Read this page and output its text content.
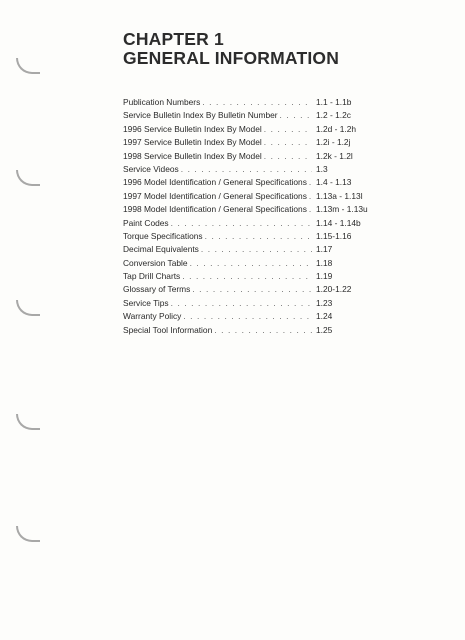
CHAPTER 1
GENERAL INFORMATION
Publication Numbers . . .	1.1 - 1.1b
Service Bulletin Index By Bulletin Number . . .	1.2 - 1.2c
1996 Service Bulletin Index By Model . . .	1.2d - 1.2h
1997 Service Bulletin Index By Model . . .	1.2i - 1.2j
1998 Service Bulletin Index By Model . . .	1.2k - 1.2l
Service Videos . . .	1.3
1996 Model Identification / General Specifications . . .	1.4 - 1.13
1997 Model Identification / General Specifications . . .	1.13a - 1.13l
1998 Model Identification / General Specifications . . .	1.13m - 1.13u
Paint Codes . . .	1.14 - 1.14b
Torque Specifications . . .	1.15-1.16
Decimal Equivalents . . .	1.17
Conversion Table . . .	1.18
Tap Drill Charts . . .	1.19
Glossary of Terms . . .	1.20-1.22
Service Tips . . .	1.23
Warranty Policy . . .	1.24
Special Tool Information . . .	1.25
